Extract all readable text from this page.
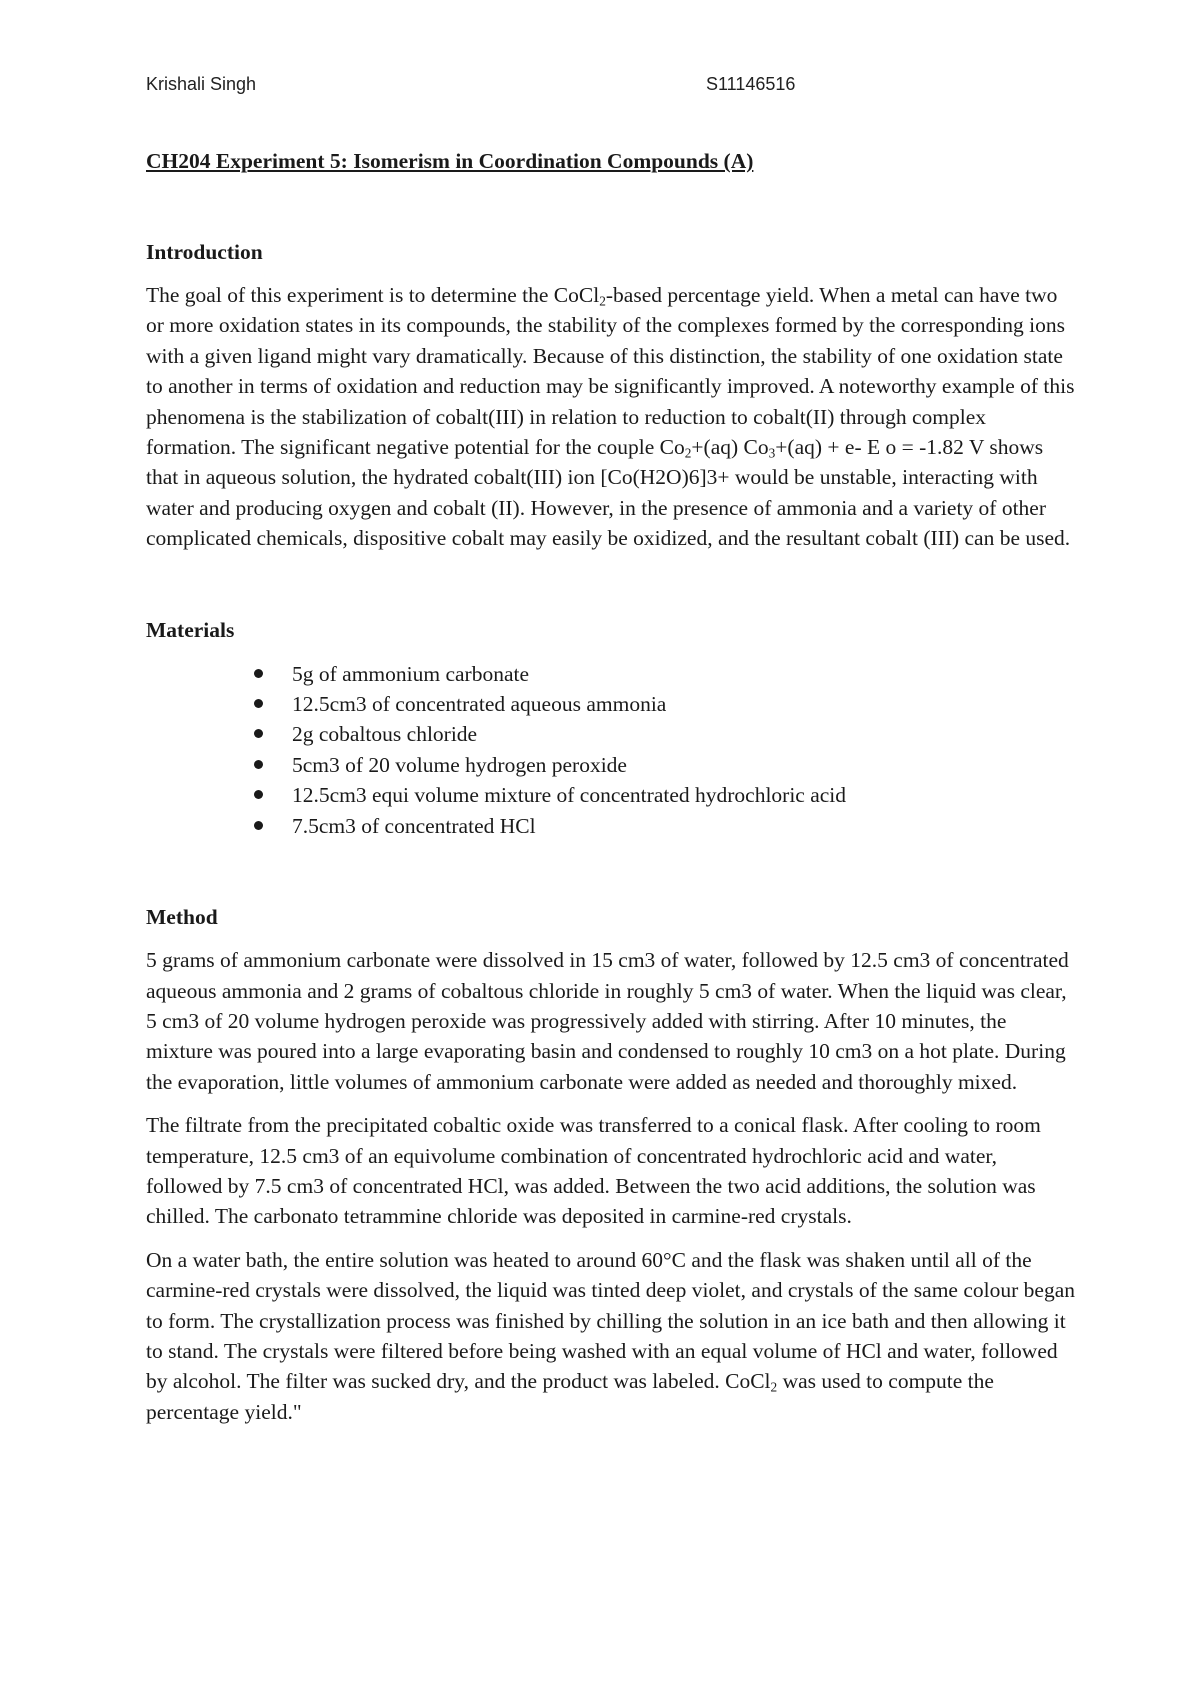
Krishali Singh	S11146516

CH204 Experiment 5: Isomerism in Coordination Compounds (A)

Introduction

The goal of this experiment is to determine the CoCl$_2$-based percentage yield. When a metal can have two or more oxidation states in its compounds, the stability of the complexes formed by the corresponding ions with a given ligand might vary dramatically. Because of this distinction, the stability of one oxidation state to another in terms of oxidation and reduction may be significantly improved. A noteworthy example of this phenomena is the stabilization of cobalt(III) in relation to reduction to cobalt(II) through complex formation. The significant negative potential for the couple $Co_2+(aq) Co_3+(aq) + e-$ E o = -1.82 V shows that in aqueous solution, the hydrated cobalt(III) ion [Co(H2O)6]3+ would be unstable, interacting with water and producing oxygen and cobalt (II). However, in the presence of ammonia and a variety of other complicated chemicals, dispositive cobalt may easily be oxidized, and the resultant cobalt (III) can be used.

Materials
5g of ammonium carbonate
12.5cm3 of concentrated aqueous ammonia
2g cobaltous chloride
5cm3 of 20 volume hydrogen peroxide
12.5cm3 equi volume mixture of concentrated hydrochloric acid
7.5cm3 of concentrated HCl
Method

5 grams of ammonium carbonate were dissolved in 15 cm3 of water, followed by 12.5 cm3 of concentrated aqueous ammonia and 2 grams of cobaltous chloride in roughly 5 cm3 of water. When the liquid was clear, 5 cm3 of 20 volume hydrogen peroxide was progressively added with stirring. After 10 minutes, the mixture was poured into a large evaporating basin and condensed to roughly 10 cm3 on a hot plate. During the evaporation, little volumes of ammonium carbonate were added as needed and thoroughly mixed.

The filtrate from the precipitated cobaltic oxide was transferred to a conical flask. After cooling to room temperature, 12.5 cm3 of an equivolume combination of concentrated hydrochloric acid and water, followed by 7.5 cm3 of concentrated HCl, was added. Between the two acid additions, the solution was chilled. The carbonato tetrammine chloride was deposited in carmine-red crystals.

On a water bath, the entire solution was heated to around 60°C and the flask was shaken until all of the carmine-red crystals were dissolved, the liquid was tinted deep violet, and crystals of the same colour began to form. The crystallization process was finished by chilling the solution in an ice bath and then allowing it to stand. The crystals were filtered before being washed with an equal volume of HCl and water, followed by alcohol. The filter was sucked dry, and the product was labeled. CoCl$_2$ was used to compute the percentage yield."
